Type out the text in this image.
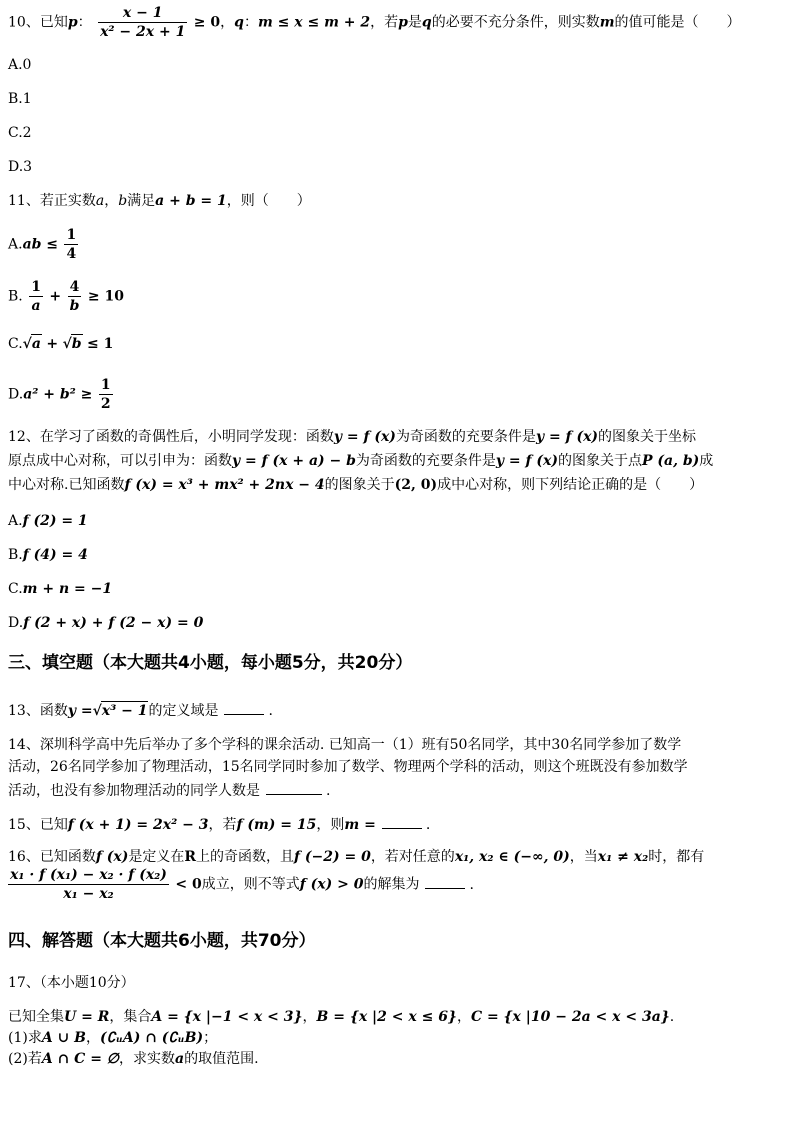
10、已知p： $\frac{x - 1}{\text{x² − 2x + 1}} \ge 0$，q：m ≤ x ≤ m + 2，若p是q的必要不充分条件，则实数m的值可能是（　　）
A.0
B.1
C.2
D.3
11、若正实数a，b满足a + b = 1，则（　　）
$A.ab \le \frac{1}{4}$
B. $\frac{1}{a} + \frac{4}{b} \ge 10$
C.√a + √b ≤ 1
$D.a^2 + b^2 \ge \frac{1}{2}$
12、在学习了函数的奇偶性后，小明同学发现：函数y = f (x)为奇函数的充要条件是y = f (x)的图象关于坐标
原点成中心对称，可以引申为：函数y = f (x + a) − b为奇函数的充要条件是y = f (x)的图象关于点P (a, b)成
中心对称.已知函数f (x) = x³ + mx² + 2nx − 4的图象关于(2, 0)成中心对称，则下列结论正确的是（　　）
A.f (2) = 1
B.f (4) = 4
C.m + n = −1
D.f (2 + x) + f (2 − x) = 0
三、填空题（本大题共4小题，每小题5分，共20分）
13、函数y =√x³ − 1的定义域是	.
14、深圳科学高中先后举办了多个学科的课余活动. 已知高一（1）班有50名同学，其中30名同学参加了数学
活动，26名同学参加了物理活动，15名同学同时参加了数学、物理两个学科的活动，则这个班既没有参加数学
活动，也没有参加物理活动的同学人数是	.
15、已知f (x + 1) = 2x² − 3，若f (m) = 15，则m =	.
16、已知函数f (x)是定义在R上的奇函数，且f (−2) = 0，若对任意的x₁, x₂ ∈ (−∞, 0)，当x₁ ≠ x₂时，都有
$\frac{\text{x₁ · f (x₁) − x₂ · f (x₂)}}{\text{x₁ − x₂}} < 0$成立，则不等式f (x) > 0的解集为	.
四、解答题（本大题共6小题，共70分）
17、（本小题10分）
已知全集U = R，集合A = {x |−1 < x < 3}，B = {x |2 < x ≤ 6}，C = {x |10 − 2a < x < 3a}.
(1)求A ∪ B，(∁ᵤA) ∩ (∁ᵤB)；
(2)若A ∩ C = ∅，求实数a的取值范围.
